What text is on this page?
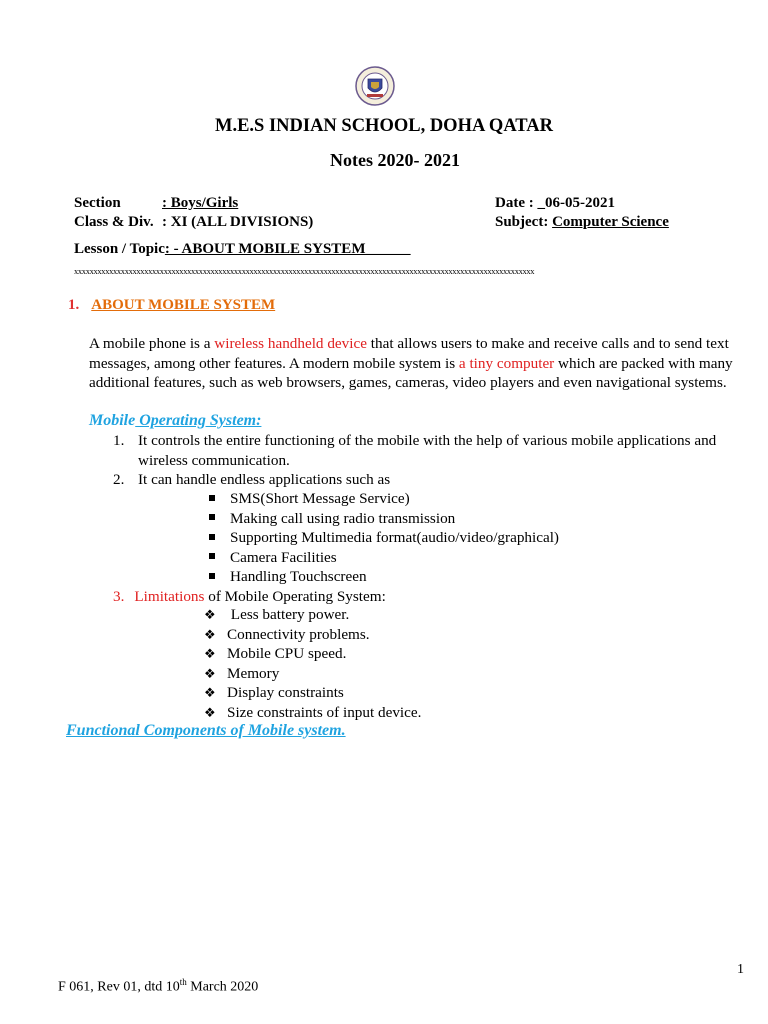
M.E.S INDIAN SCHOOL, DOHA QATAR
Notes 2020- 2021
Section	: Boys/Girls
Class & Div. : XI (ALL DIVISIONS)
Date : _06-05-2021
Subject: Computer Science
Lesson / Topic: - ABOUT MOBILE SYSTEM______
xxxxxxxxxxxxxxxxxxxxxxxxxxxxxxxxxxxxxxxxxxxxxxxxxxxxxxxxxxxxxxxxxxxxxxxxxxxxxxxxxxxxxxxxxxxxxxxxxxxxxxxxxxxxxxxxxxxxxx
1. ABOUT MOBILE SYSTEM
A mobile phone is a wireless handheld device that allows users to make and receive calls and to send text messages, among other features. A modern mobile system is a tiny computer which are packed with many additional features, such as web browsers, games, cameras, video players and even navigational systems.
Mobile Operating System:
1. It controls the entire functioning of the mobile with the help of various mobile applications and wireless communication.
2. It can handle endless applications such as
SMS(Short Message Service)
Making call using radio transmission
Supporting Multimedia format(audio/video/graphical)
Camera Facilities
Handling Touchscreen
3. Limitations of Mobile Operating System:
❖ Less battery power.
❖ Connectivity problems.
❖ Mobile CPU speed.
❖ Memory
❖ Display constraints
❖ Size constraints of input device.
Functional Components of Mobile system.
1
F 061, Rev 01, dtd 10th March 2020
